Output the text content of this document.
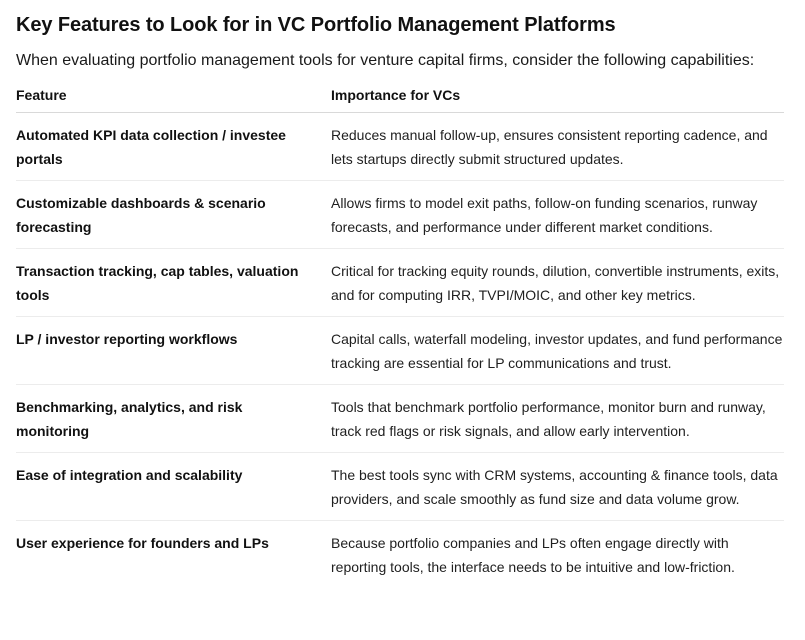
Key Features to Look for in VC Portfolio Management Platforms

When evaluating portfolio management tools for venture capital firms, consider the following capabilities:

Feature	Importance for VCs
Automated KPI data collection / investee portals	Reduces manual follow-up, ensures consistent reporting cadence, and lets startups directly submit structured updates.
Customizable dashboards & scenario forecasting	Allows firms to model exit paths, follow-on funding scenarios, runway forecasts, and performance under different market conditions.
Transaction tracking, cap tables, valuation tools	Critical for tracking equity rounds, dilution, convertible instruments, exits, and for computing IRR, TVPI/MOIC, and other key metrics.
LP / investor reporting workflows	Capital calls, waterfall modeling, investor updates, and fund performance tracking are essential for LP communications and trust.
Benchmarking, analytics, and risk monitoring	Tools that benchmark portfolio performance, monitor burn and runway, track red flags or risk signals, and allow early intervention.
Ease of integration and scalability	The best tools sync with CRM systems, accounting & finance tools, data providers, and scale smoothly as fund size and data volume grow.
User experience for founders and LPs	Because portfolio companies and LPs often engage directly with reporting tools, the interface needs to be intuitive and low-friction.
